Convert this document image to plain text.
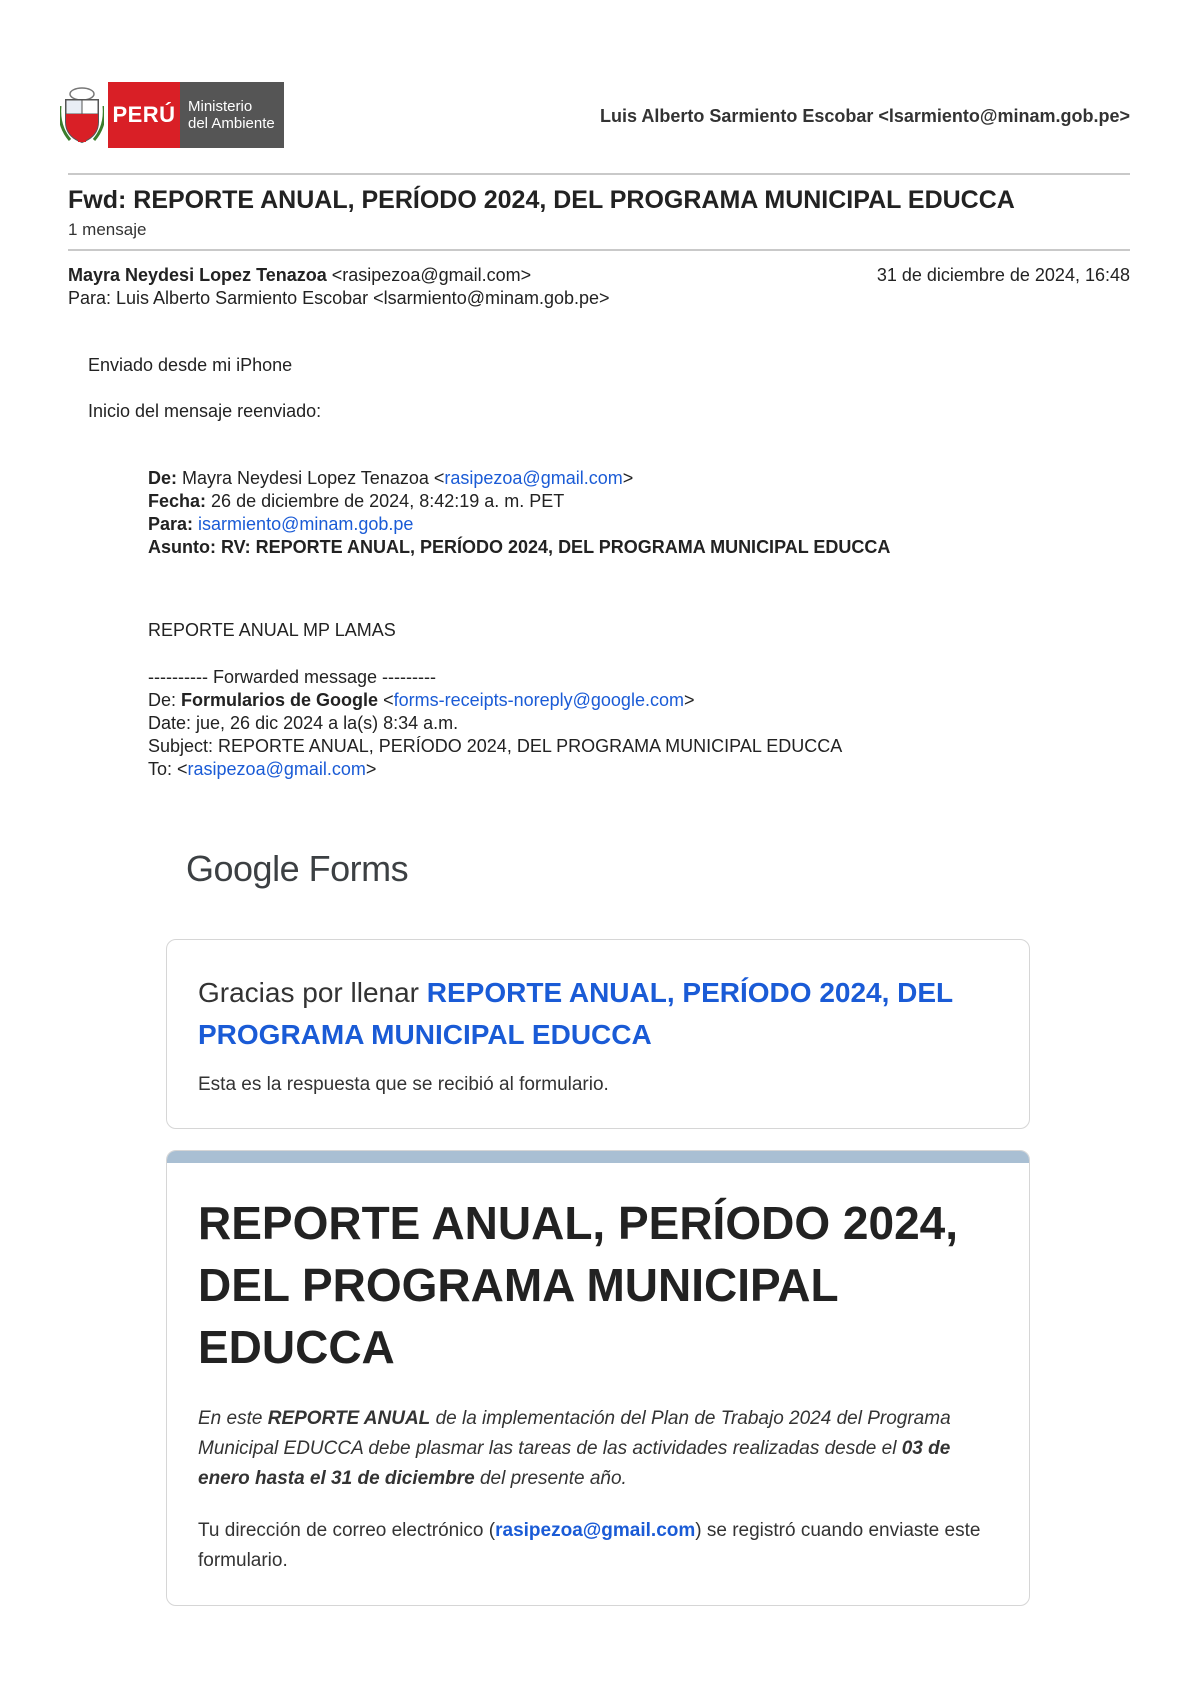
PERÚ Ministerio
del Ambiente	Luis Alberto Sarmiento Escobar <lsarmiento@minam.gob.pe>
Fwd: REPORTE ANUAL, PERÍODO 2024, DEL PROGRAMA MUNICIPAL EDUCCA
1 mensaje
Mayra Neydesi Lopez Tenazoa <rasipezoa@gmail.com>	31 de diciembre de 2024, 16:48
Para: Luis Alberto Sarmiento Escobar <lsarmiento@minam.gob.pe>
Enviado desde mi iPhone
Inicio del mensaje reenviado:
De: Mayra Neydesi Lopez Tenazoa <rasipezoa@gmail.com>
Fecha: 26 de diciembre de 2024, 8:42:19 a. m. PET
Para: isarmiento@minam.gob.pe
Asunto: RV: REPORTE ANUAL, PERÍODO 2024, DEL PROGRAMA MUNICIPAL EDUCCA
REPORTE ANUAL MP LAMAS
---------- Forwarded message ---------
De: Formularios de Google <forms-receipts-noreply@google.com>
Date: jue, 26 dic 2024 a la(s) 8:34 a.m.
Subject: REPORTE ANUAL, PERÍODO 2024, DEL PROGRAMA MUNICIPAL EDUCCA
To: <rasipezoa@gmail.com>
Google Forms
Gracias por llenar REPORTE ANUAL, PERÍODO 2024, DEL PROGRAMA MUNICIPAL EDUCCA
Esta es la respuesta que se recibió al formulario.
REPORTE ANUAL, PERÍODO 2024, DEL PROGRAMA MUNICIPAL EDUCCA
En este REPORTE ANUAL de la implementación del Plan de Trabajo 2024 del Programa Municipal EDUCCA debe plasmar las tareas de las actividades realizadas desde el 03 de enero hasta el 31 de diciembre del presente año.
Tu dirección de correo electrónico (rasipezoa@gmail.com) se registró cuando enviaste este formulario.
